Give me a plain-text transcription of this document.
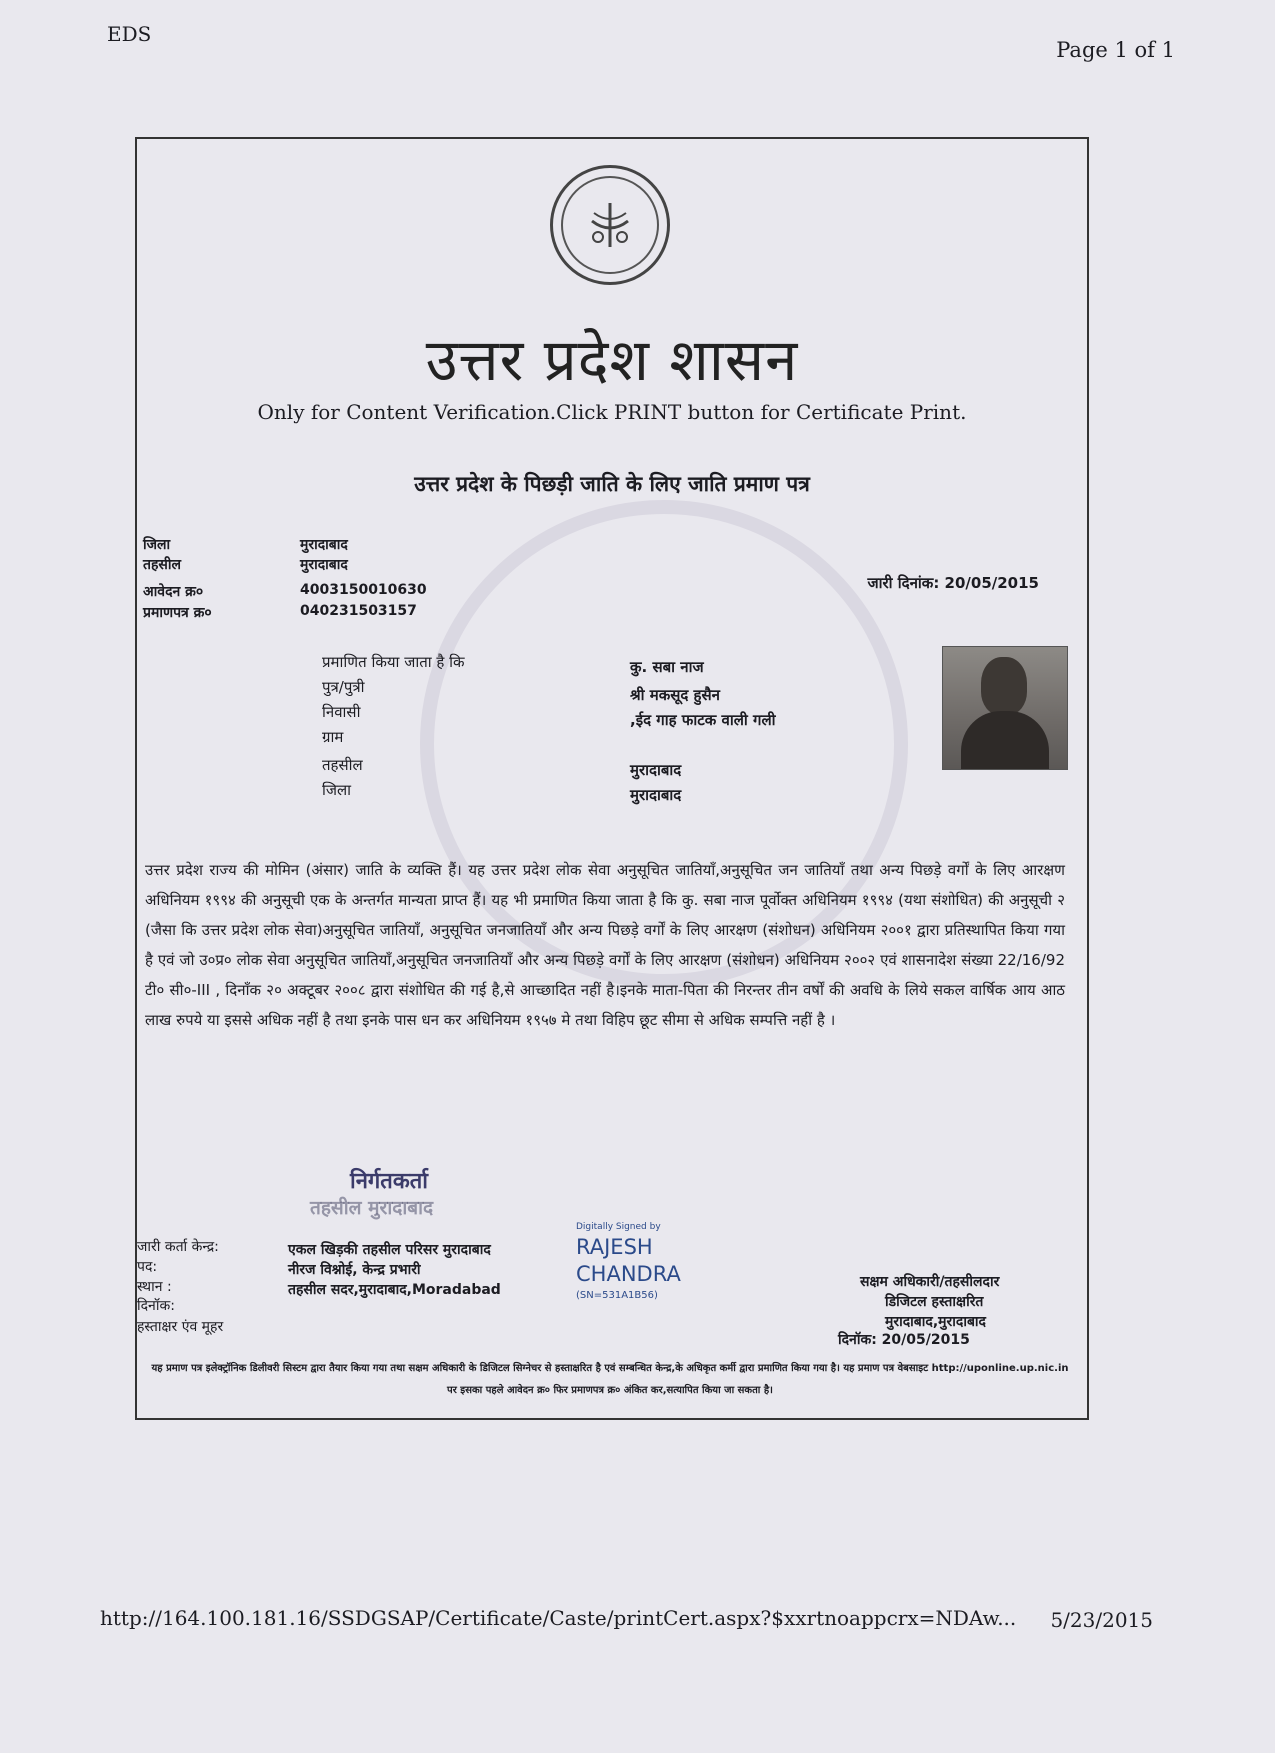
EDS
Page 1 of 1
उत्तर प्रदेश शासन
Only for Content Verification.Click PRINT button for Certificate Print.
उत्तर प्रदेश के पिछड़ी जाति के लिए जाति प्रमाण पत्र
जिला	मुरादाबाद
तहसील	मुरादाबाद
आवेदन क्र०	4003150010630
प्रमाणपत्र क्र०	040231503157
जारी दिनांक: 20/05/2015
प्रमाणित किया जाता है कि	कु. सबा नाज
पुत्र/पुत्री	श्री मकसूद हुसैन
निवासी	,ईद गाह फाटक वाली गली
ग्राम
तहसील	मुरादाबाद
जिला	मुरादाबाद
उत्तर प्रदेश राज्य की मोमिन (अंसार) जाति के व्यक्ति हैं। यह उत्तर प्रदेश लोक सेवा अनुसूचित जातियाँ,अनुसूचित जन जातियाँ तथा अन्य पिछड़े वर्गों के लिए आरक्षण अधिनियम १९९४ की अनुसूची एक के अन्तर्गत मान्यता प्राप्त हैं। यह भी प्रमाणित किया जाता है कि कु. सबा नाज पूर्वोक्त अधिनियम १९९४ (यथा संशोधित) की अनुसूची २ (जैसा कि उत्तर प्रदेश लोक सेवा)अनुसूचित जातियाँ, अनुसूचित जनजातियाँ और अन्य पिछड़े वर्गों के लिए आरक्षण (संशोधन) अधिनियम २००१ द्वारा प्रतिस्थापित किया गया है एवं जो उ०प्र० लोक सेवा अनुसूचित जातियाँ,अनुसूचित जनजातियाँ और अन्य पिछड़े वर्गों के लिए आरक्षण (संशोधन) अधिनियम २००२ एवं शासनादेश संख्या 22/16/92 टी० सी०-III , दिनाँक २० अक्टूबर २००८ द्वारा संशोधित की गई है,से आच्छादित नहीं है।इनके माता-पिता की निरन्तर तीन वर्षों की अवधि के लिये सकल वार्षिक आय आठ लाख रुपये या इससे अधिक नहीं है तथा इनके पास धन कर अधिनियम १९५७ मे तथा विहिप छूट सीमा से अधिक सम्पत्ति नहीं है ।
निर्गतकर्ता
तहसील मुरादाबाद
जारी कर्ता केन्द्र:	एकल खिड़की तहसील परिसर मुरादाबाद
पद:	नीरज विश्नोई, केन्द्र प्रभारी
स्थान :	तहसील सदर,मुरादाबाद,Moradabad
दिनॉक:
हस्ताक्षर एंव मूहर
Digitally Signed by
RAJESH
CHANDRA
(SN=531A1B56)
सक्षम अधिकारी/तहसीलदार
डिजिटल हस्ताक्षरित
मुरादाबाद,मुरादाबाद
दिनॉक: 20/05/2015
यह प्रमाण पत्र इलेक्ट्रॉनिक डिलीवरी सिस्टम द्वारा तैयार किया गया तथा सक्षम अधिकारी के डिजिटल सिग्नेचर से हस्ताक्षरित है एवं सम्बन्धित केन्द्र,के अधिकृत कर्मी द्वारा प्रमाणित किया गया है। यह प्रमाण पत्र वेबसाइट http://uponline.up.nic.in पर इसका पहले आवेदन क्र० फिर प्रमाणपत्र क्र० अंकित कर,सत्यापित किया जा सकता है।
http://164.100.181.16/SSDGSAP/Certificate/Caste/printCert.aspx?$xxrtnoappcrx=NDAw... 5/23/2015
